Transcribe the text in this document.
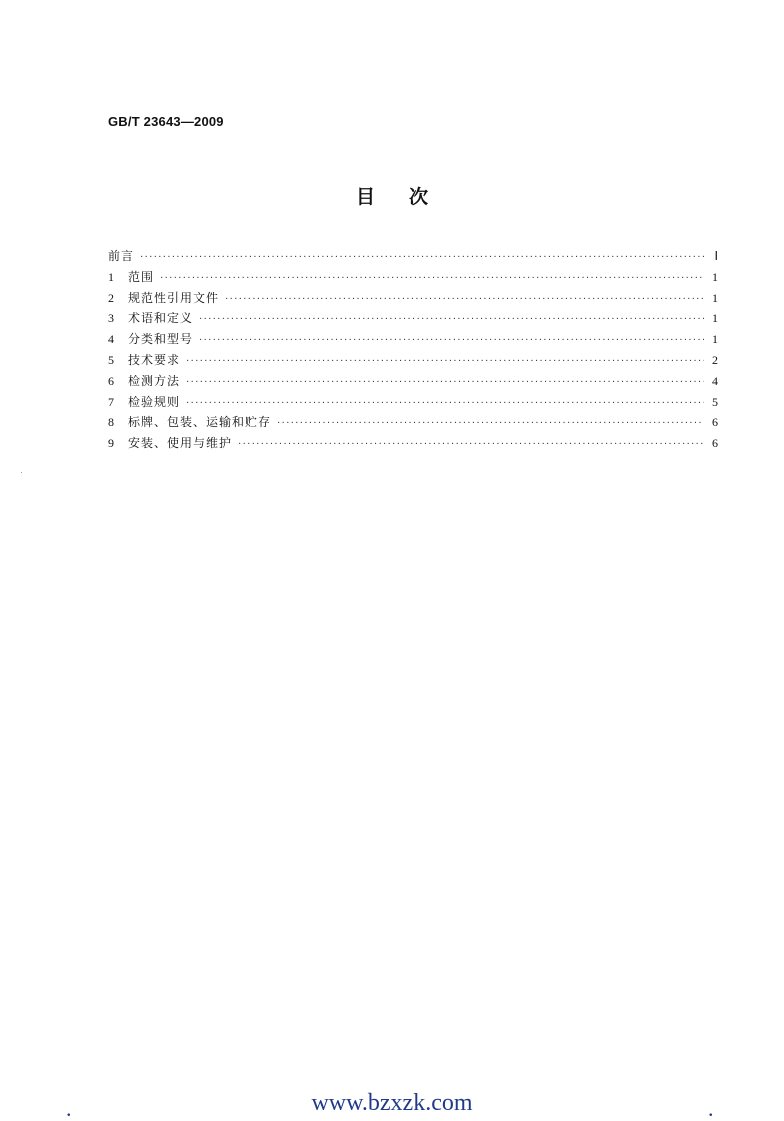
GB/T 23643—2009
目 次
前言 ·····	Ⅰ
1	范围 ·····	1
2	规范性引用文件 ·····	1
3	术语和定义 ·····	1
4	分类和型号 ·····	1
5	技术要求 ·····	2
6	检测方法 ·····	4
7	检验规则 ·····	5
8	标牌、包装、运输和贮存 ·····	6
9	安装、使用与维护 ·····	6
.	www.bzxzk.com	.
